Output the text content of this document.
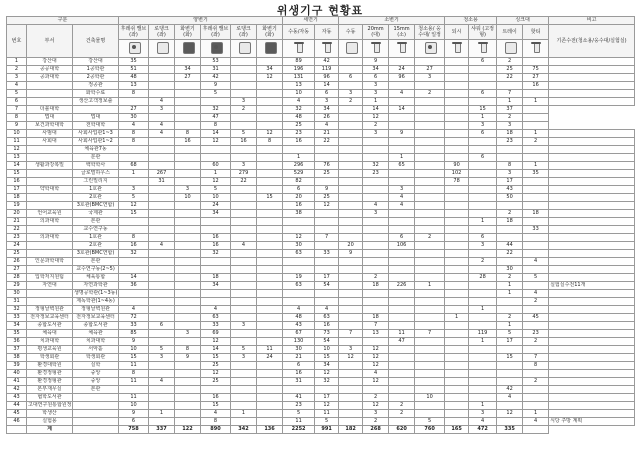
위생기구 현황표
구분			양변기						세면기		소변기				청소용		싱크대		비고
번호	부서	건축물명	후레쉬 밸브(좌)	로탱크 (좌)	화변기 (화)	후레쉬 밸브(좌)	로탱크 (좌)	화변기 (화)	수동/자동	자동	수동	20mm (대)	15mm (소)	청소용/ 옹수대/ 일정	되시	샤워 (고정형)	트레이	핫티	기존수전(청소용/옹수대/실험실)

1	강산대	강산대	35			53			89	42		9				6	2		
2	공공대학	1공학관	51		34	31		34	196	119		34	24	27			25	75	
3	공과대학	2공학관	48		27	42		12	131	96	6	6	96	3			22	27	
4		정공관	13			9			13	14		3						16	
5		화학수료	8			5			10	6	3	3	4	2		6	7		
6		생산고객정보솔		4			3		4	3	2	1					1	1	
7	더블대학		27	3		32	2		32	34		14	14			15	37		
8	법대	법대	30			47			48	26		12				1	2		
9	보건과학대학	전학대학	4	4		8			25	4		2				3	3		
10	사범대	사회사업관1~3	8	4	8	14	5	12	23	21		3	9			6	18	1	
11	사회대	사회사업관1~2	8		16	12	16	8	16	22							23	2	
12		체육관7동																	
13		분관							1				1			6			
14	생활과강복밀	백학학사	68			60	3		296	76		32	65		90		8	1	
15		글로벌하우스	1	267		1	279		529	25		23			102		3	35	
16		그린빌리지		31		12	22		82						78		17		
17	약학대학	1호관	3		3	5			6	9			3				43		
18		2호관	5		10	10		15	20	25			4				50		
19		3호관(BMC연합)	12			24			16	12		4	4						
20	언어교육원	국제관	15			34			38			3					2	18	
21	의과대학	본관														1	18		
22		교수연구동																33	
23	의과대학	1호관	8			16			12	7			6	2		6			
24		2호관	16	4		16	4		30		20		106			3	44		
25		3호관(BMC연합)	32			32			63	33	9						22		
26	인문과학대학	본관														2		4	
27		교수연구동(2~5)															30		
28	입학처지원팀	체육통합	14			18			19	17		2				28	2	5	
29	자연대	자연과학관	36			34			63	54		18	226	1			1		실험실수전11개
30		생명공학관(1~3동)															1	4	
31		제독학관(1~4동)																2	
32	정형날벽원관	정형날벽원관	4			4			4	4						1			
33	전자정보교육센터	전자정보교육센터	72			63			48	63		18			1		2	45	
34	종합도서관	종합도서관	33	6		33	3		43	16		7					1		
35	체육대	체육관	85		3	69			67	73	7	13	11	7		119	5	23	
36	치과대학	치과대학	9			12			130	54			47			1	17	2	
37	평생교육원	서악홀	10	5	8	14	5	11	30	10	3	12							
38	학생회관	학생회관	15	3	9	15	3	24	21	15	12	12					15	7	
39	환경대학원	실학	11			25			6	34		12						8	
40	환경정형관	중앙	8			12			16	12		4							
41	환경정형관	중앙	11	4		25			31	32		12						2	
42	본부재무실	본관															42		
43	협학도서관		11			16			41	17		2		10			4		
44	고대연구원통합원정		10			15			23	12		12	2			1			
45	학생산		9	1		4	1		5	11		3	2			3	12	1	
46	실험용		6			8			11	5		2		5		4		4	식당 주방 계획
	계		758	337	122	890	342	136	2252	991	182	268	620	760	165	472	335		
